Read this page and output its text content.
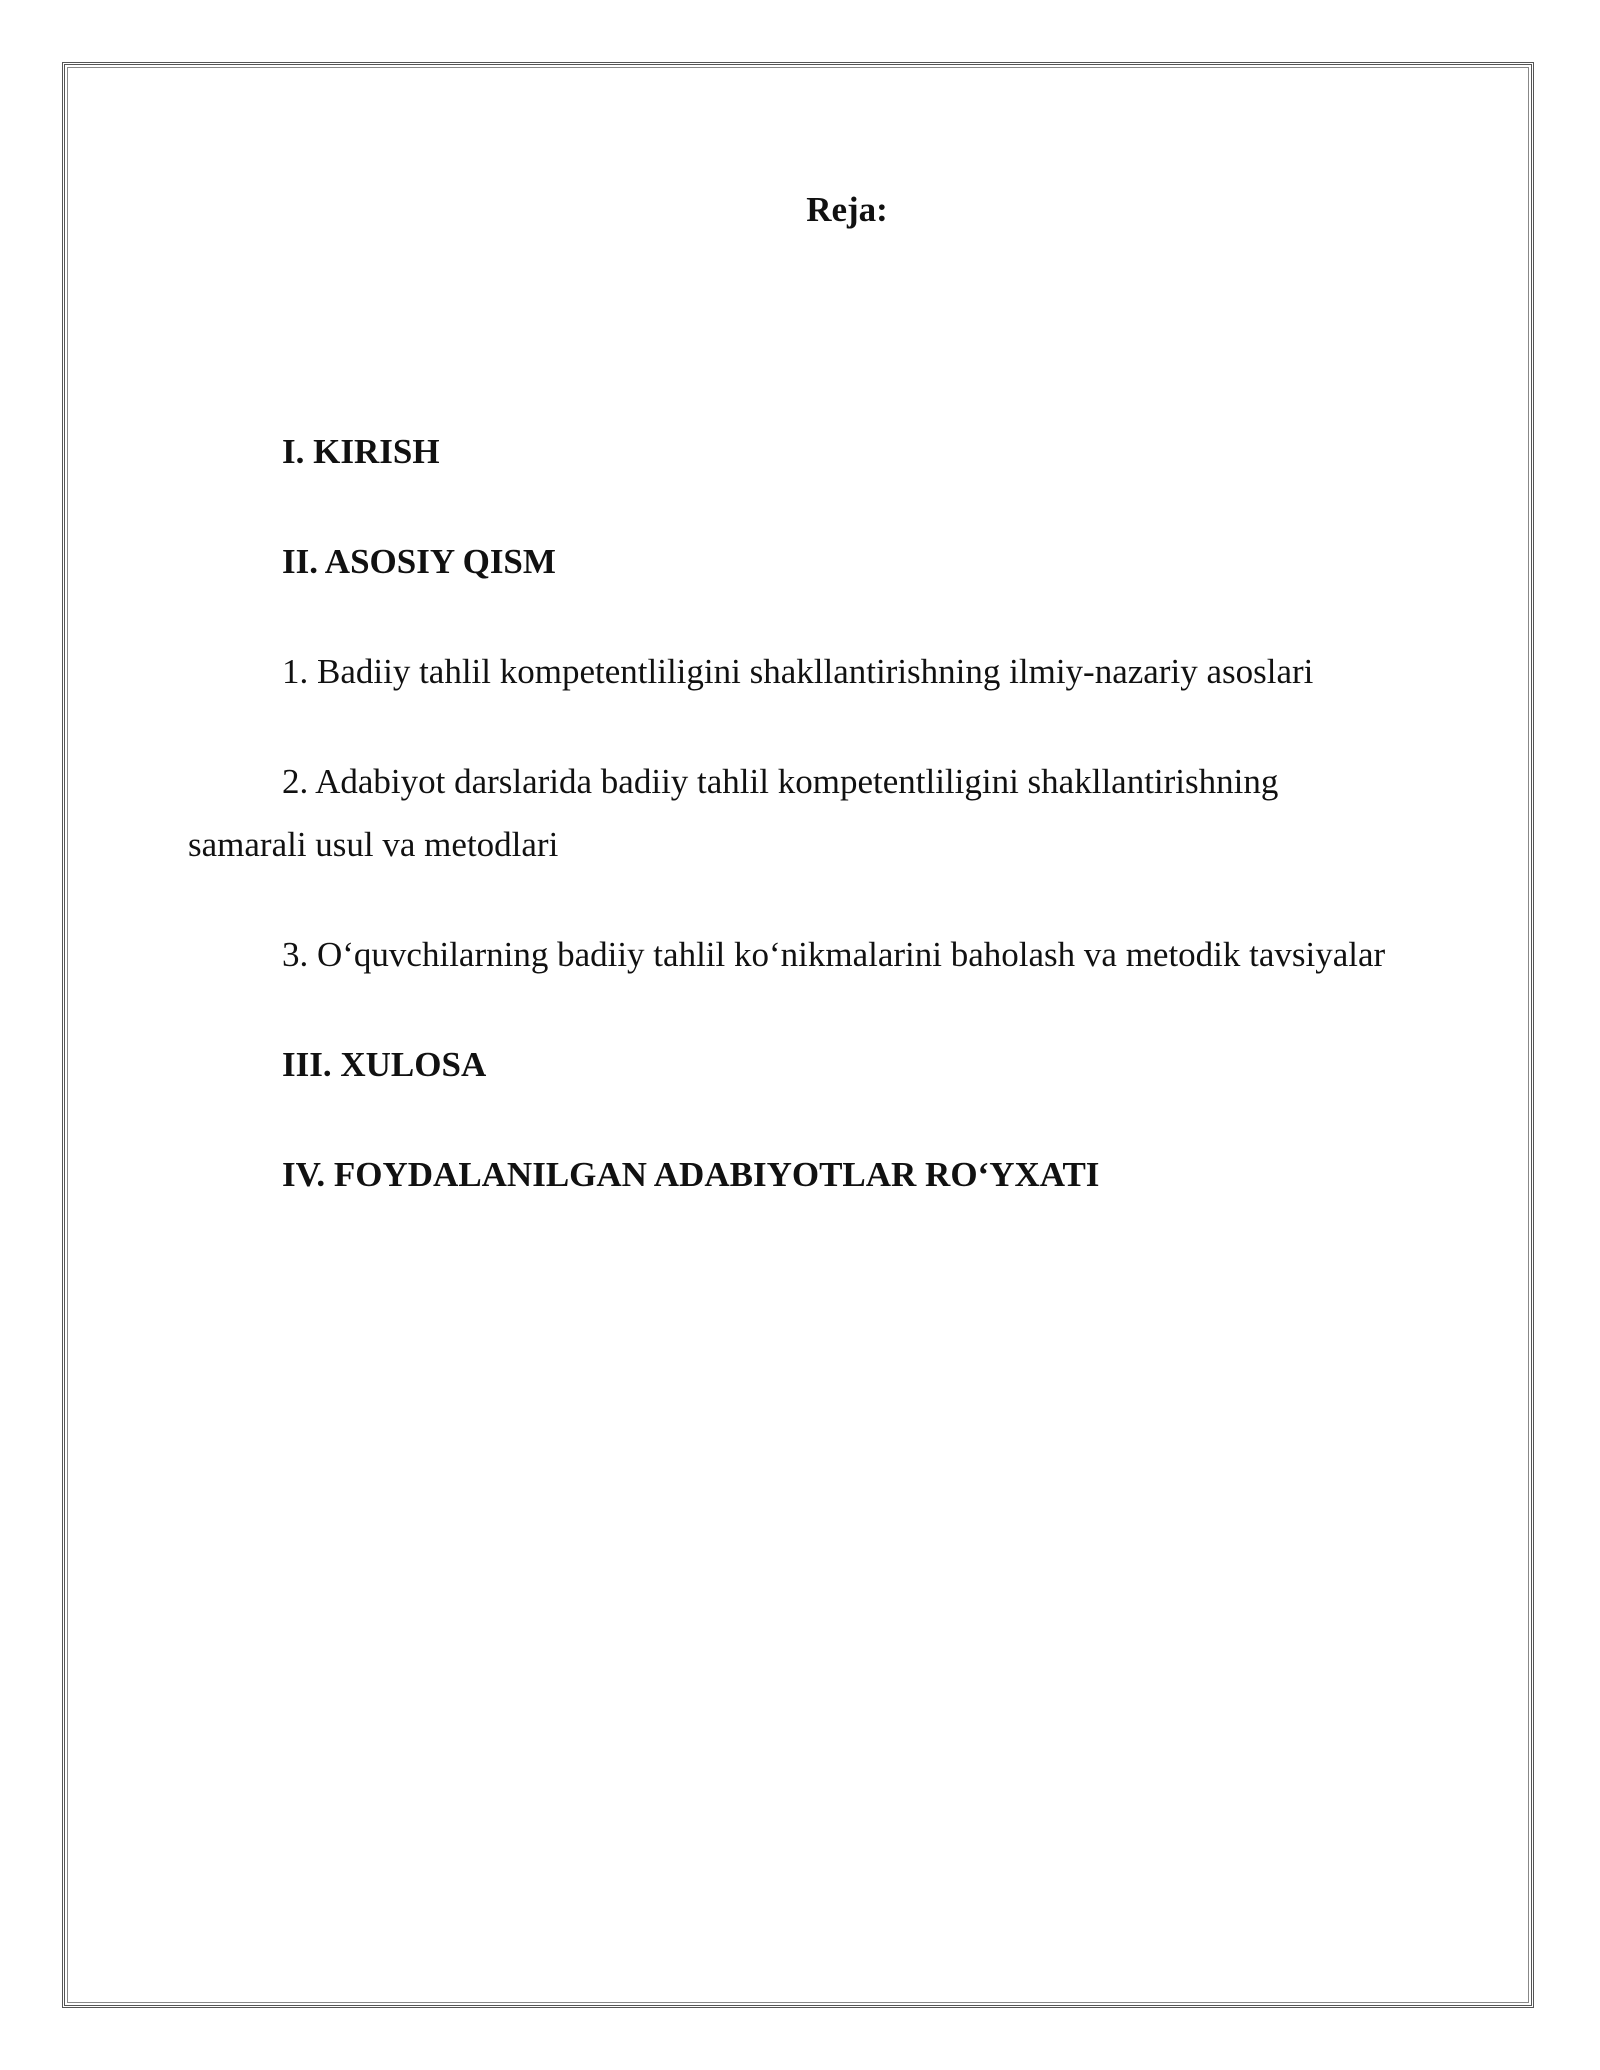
Reja:

I. KIRISH

II. ASOSIY QISM

1. Badiiy tahlil kompetentliligini shakllantirishning ilmiy-nazariy asoslari

2. Adabiyot darslarida badiiy tahlil kompetentliligini shakllantirishning samarali usul va metodlari

3. O‘quvchilarning badiiy tahlil ko‘nikmalarini baholash va metodik tavsiyalar

III. XULOSA

IV. FOYDALANILGAN ADABIYOTLAR RO‘YXATI
